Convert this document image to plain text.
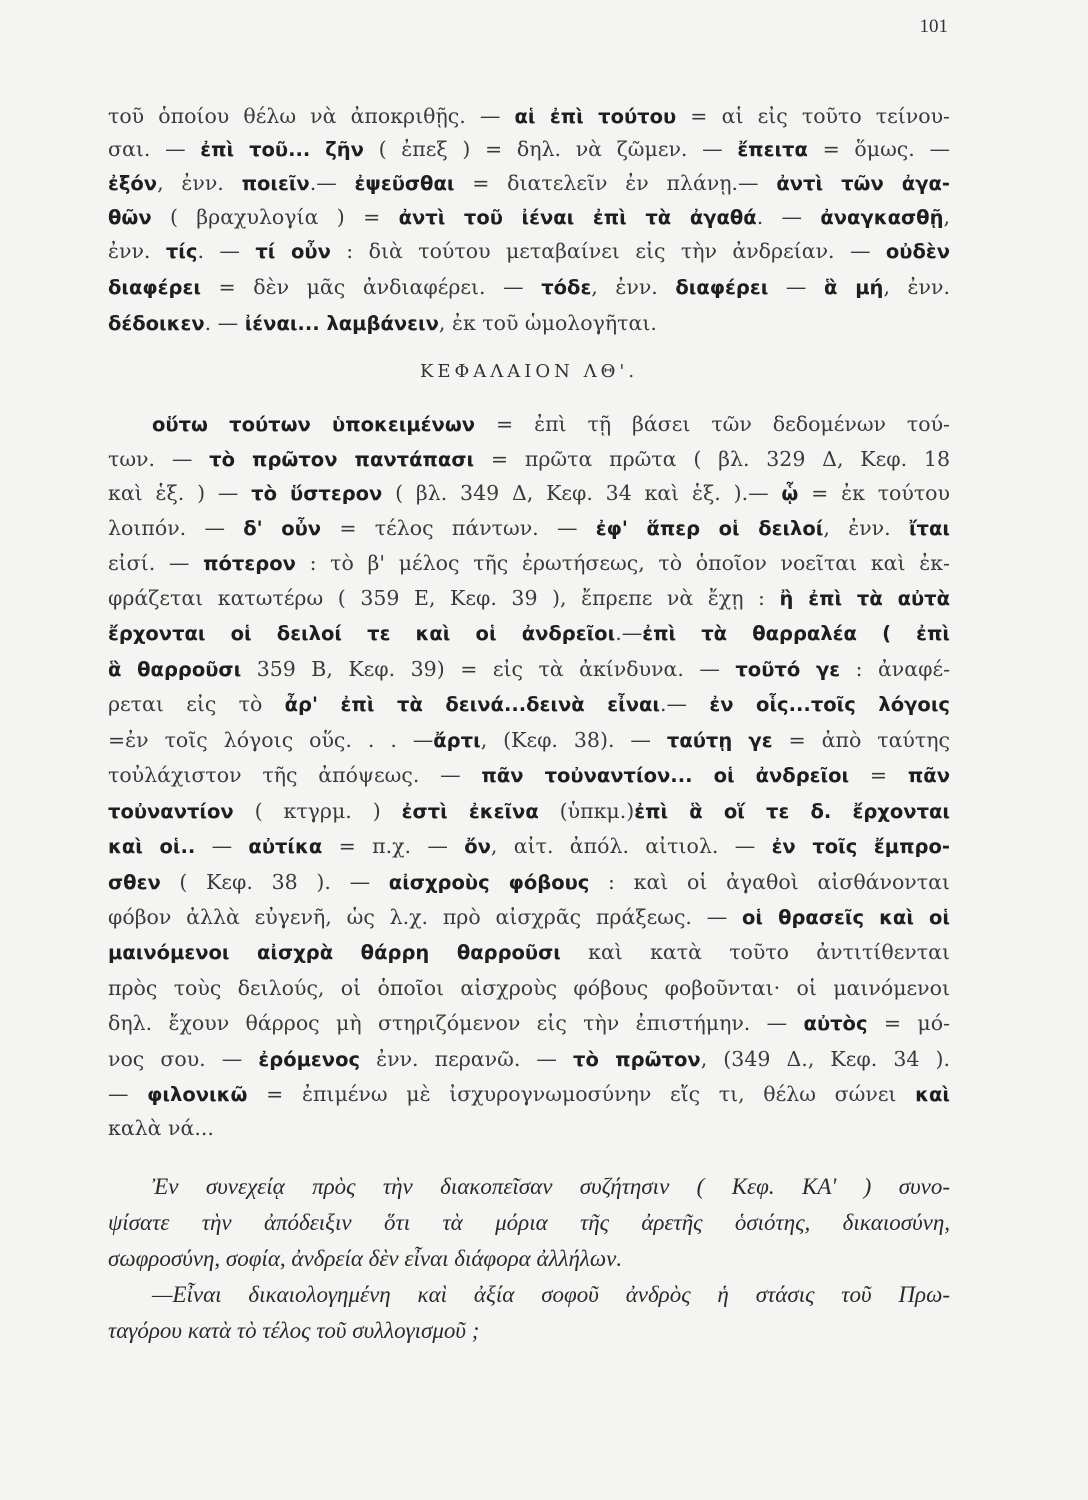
101
τοῦ ὁποίου θέλω νὰ ἀποκριθῇς. — αἱ ἐπὶ τούτου = αἱ εἰς τοῦτο τείνου-
σαι. — ἐπὶ τοῦ... ζῆν ( ἐπεξ ) = δηλ. νὰ ζῶμεν. — ἔπειτα = ὅμως. —
ἐξόν, ἐνν. ποιεῖν.— ἐψεῦσθαι = διατελεῖν ἐν πλάνῃ.— ἀντὶ τῶν ἀγα-
θῶν ( βραχυλογία ) = ἀντὶ τοῦ ἰέναι ἐπὶ τὰ ἀγαθά. — ἀναγκασθῇ,
ἐνν. τίς. — τί οὖν : διὰ τούτου μεταβαίνει εἰς τὴν ἀνδρείαν. — οὐδὲν
διαφέρει = δὲν μᾶς ἀνδιαφέρει. — τόδε, ἐνν. διαφέρει — ἃ μή, ἐνν.
δέδοικεν. — ἰέναι... λαμβάνειν, ἐκ τοῦ ὡμολογῆται.
ΚΕΦΑΛΑΙΟΝ ΛΘ'.
οὕτω τούτων ὑποκειμένων = ἐπὶ τῇ βάσει τῶν δεδομένων τού-
των. — τὸ πρῶτον παντάπασι = πρῶτα πρῶτα ( βλ. 329 Δ, Κεφ. 18
καὶ ἑξ. ) — τὸ ὕστερον ( βλ. 349 Δ, Κεφ. 34 καὶ ἑξ. ).— ᾧ = ἐκ τούτου
λοιπόν. — δ' οὖν = τέλος πάντων. — ἐφ' ἅπερ οἱ δειλοί, ἐνν. ἴται
εἰσί. — πότερον : τὸ β' μέλος τῆς ἐρωτήσεως, τὸ ὁποῖον νοεῖται καὶ ἐκ-
φράζεται κατωτέρω ( 359 Ε, Κεφ. 39 ), ἔπρεπε νὰ ἔχῃ : ἢ ἐπὶ τὰ αὐτὰ
ἔρχονται οἱ δειλοί τε καὶ οἱ ἀνδρεῖοι.—ἐπὶ τὰ θαρραλέα ( ἐπὶ
ἃ θαρροῦσι 359 Β, Κεφ. 39) = εἰς τὰ ἀκίνδυνα. — τοῦτό γε : ἀναφέ-
ρεται εἰς τὸ ἆρ' ἐπὶ τὰ δεινά...δεινὰ εἶναι.— ἐν οἷς...τοῖς λόγοις
=ἐν τοῖς λόγοις οὕς. . . —ἄρτι, (Κεφ. 38). — ταύτῃ γε = ἀπὸ ταύτης
τοὐλάχιστον τῆς ἀπόψεως. — πᾶν τοὐναντίον... οἱ ἀνδρεῖοι = πᾶν
τοὐναντίον ( κτγρμ. ) ἐστὶ ἐκεῖνα (ὑπκμ.)ἐπὶ ἃ οἵ τε δ. ἔρχονται
καὶ οἱ.. — αὐτίκα = π.χ. — ὄν, αἰτ. ἀπόλ. αἰτιολ. — ἐν τοῖς ἔμπρο-
σθεν ( Κεφ. 38 ). — αἰσχροὺς φόβους : καὶ οἱ ἀγαθοὶ αἰσθάνονται
φόβον ἀλλὰ εὐγενῆ, ὡς λ.χ. πρὸ αἰσχρᾶς πράξεως. — οἱ θρασεῖς καὶ οἱ
μαινόμενοι αἰσχρὰ θάρρη θαρροῦσι καὶ κατὰ τοῦτο ἀντιτίθενται
πρὸς τοὺς δειλούς, οἱ ὁποῖοι αἰσχροὺς φόβους φοβοῦνται· οἱ μαινόμενοι
δηλ. ἔχουν θάρρος μὴ στηριζόμενον εἰς τὴν ἐπιστήμην. — αὐτὸς = μό-
νος σου. — ἐρόμενος ἐνν. περανῶ. — τὸ πρῶτον, (349 Δ., Κεφ. 34 ).
— φιλονικῶ = ἐπιμένω μὲ ἰσχυρογνωμοσύνην εἴς τι, θέλω σώνει καὶ
καλὰ νά...
Ἐν συνεχείᾳ πρὸς τὴν διακοπεῖσαν συζήτησιν ( Κεφ. ΚΑ' ) συνο-
ψίσατε τὴν ἀπόδειξιν ὅτι τὰ μόρια τῆς ἀρετῆς ὁσιότης, δικαιοσύνη,
σωφροσύνη, σοφία, ἀνδρεία δὲν εἶναι διάφορα ἀλλήλων.
—Εἶναι δικαιολογημένη καὶ ἀξία σοφοῦ ἀνδρὸς ἡ στάσις τοῦ Πρω-
ταγόρου κατὰ τὸ τέλος τοῦ συλλογισμοῦ ;
